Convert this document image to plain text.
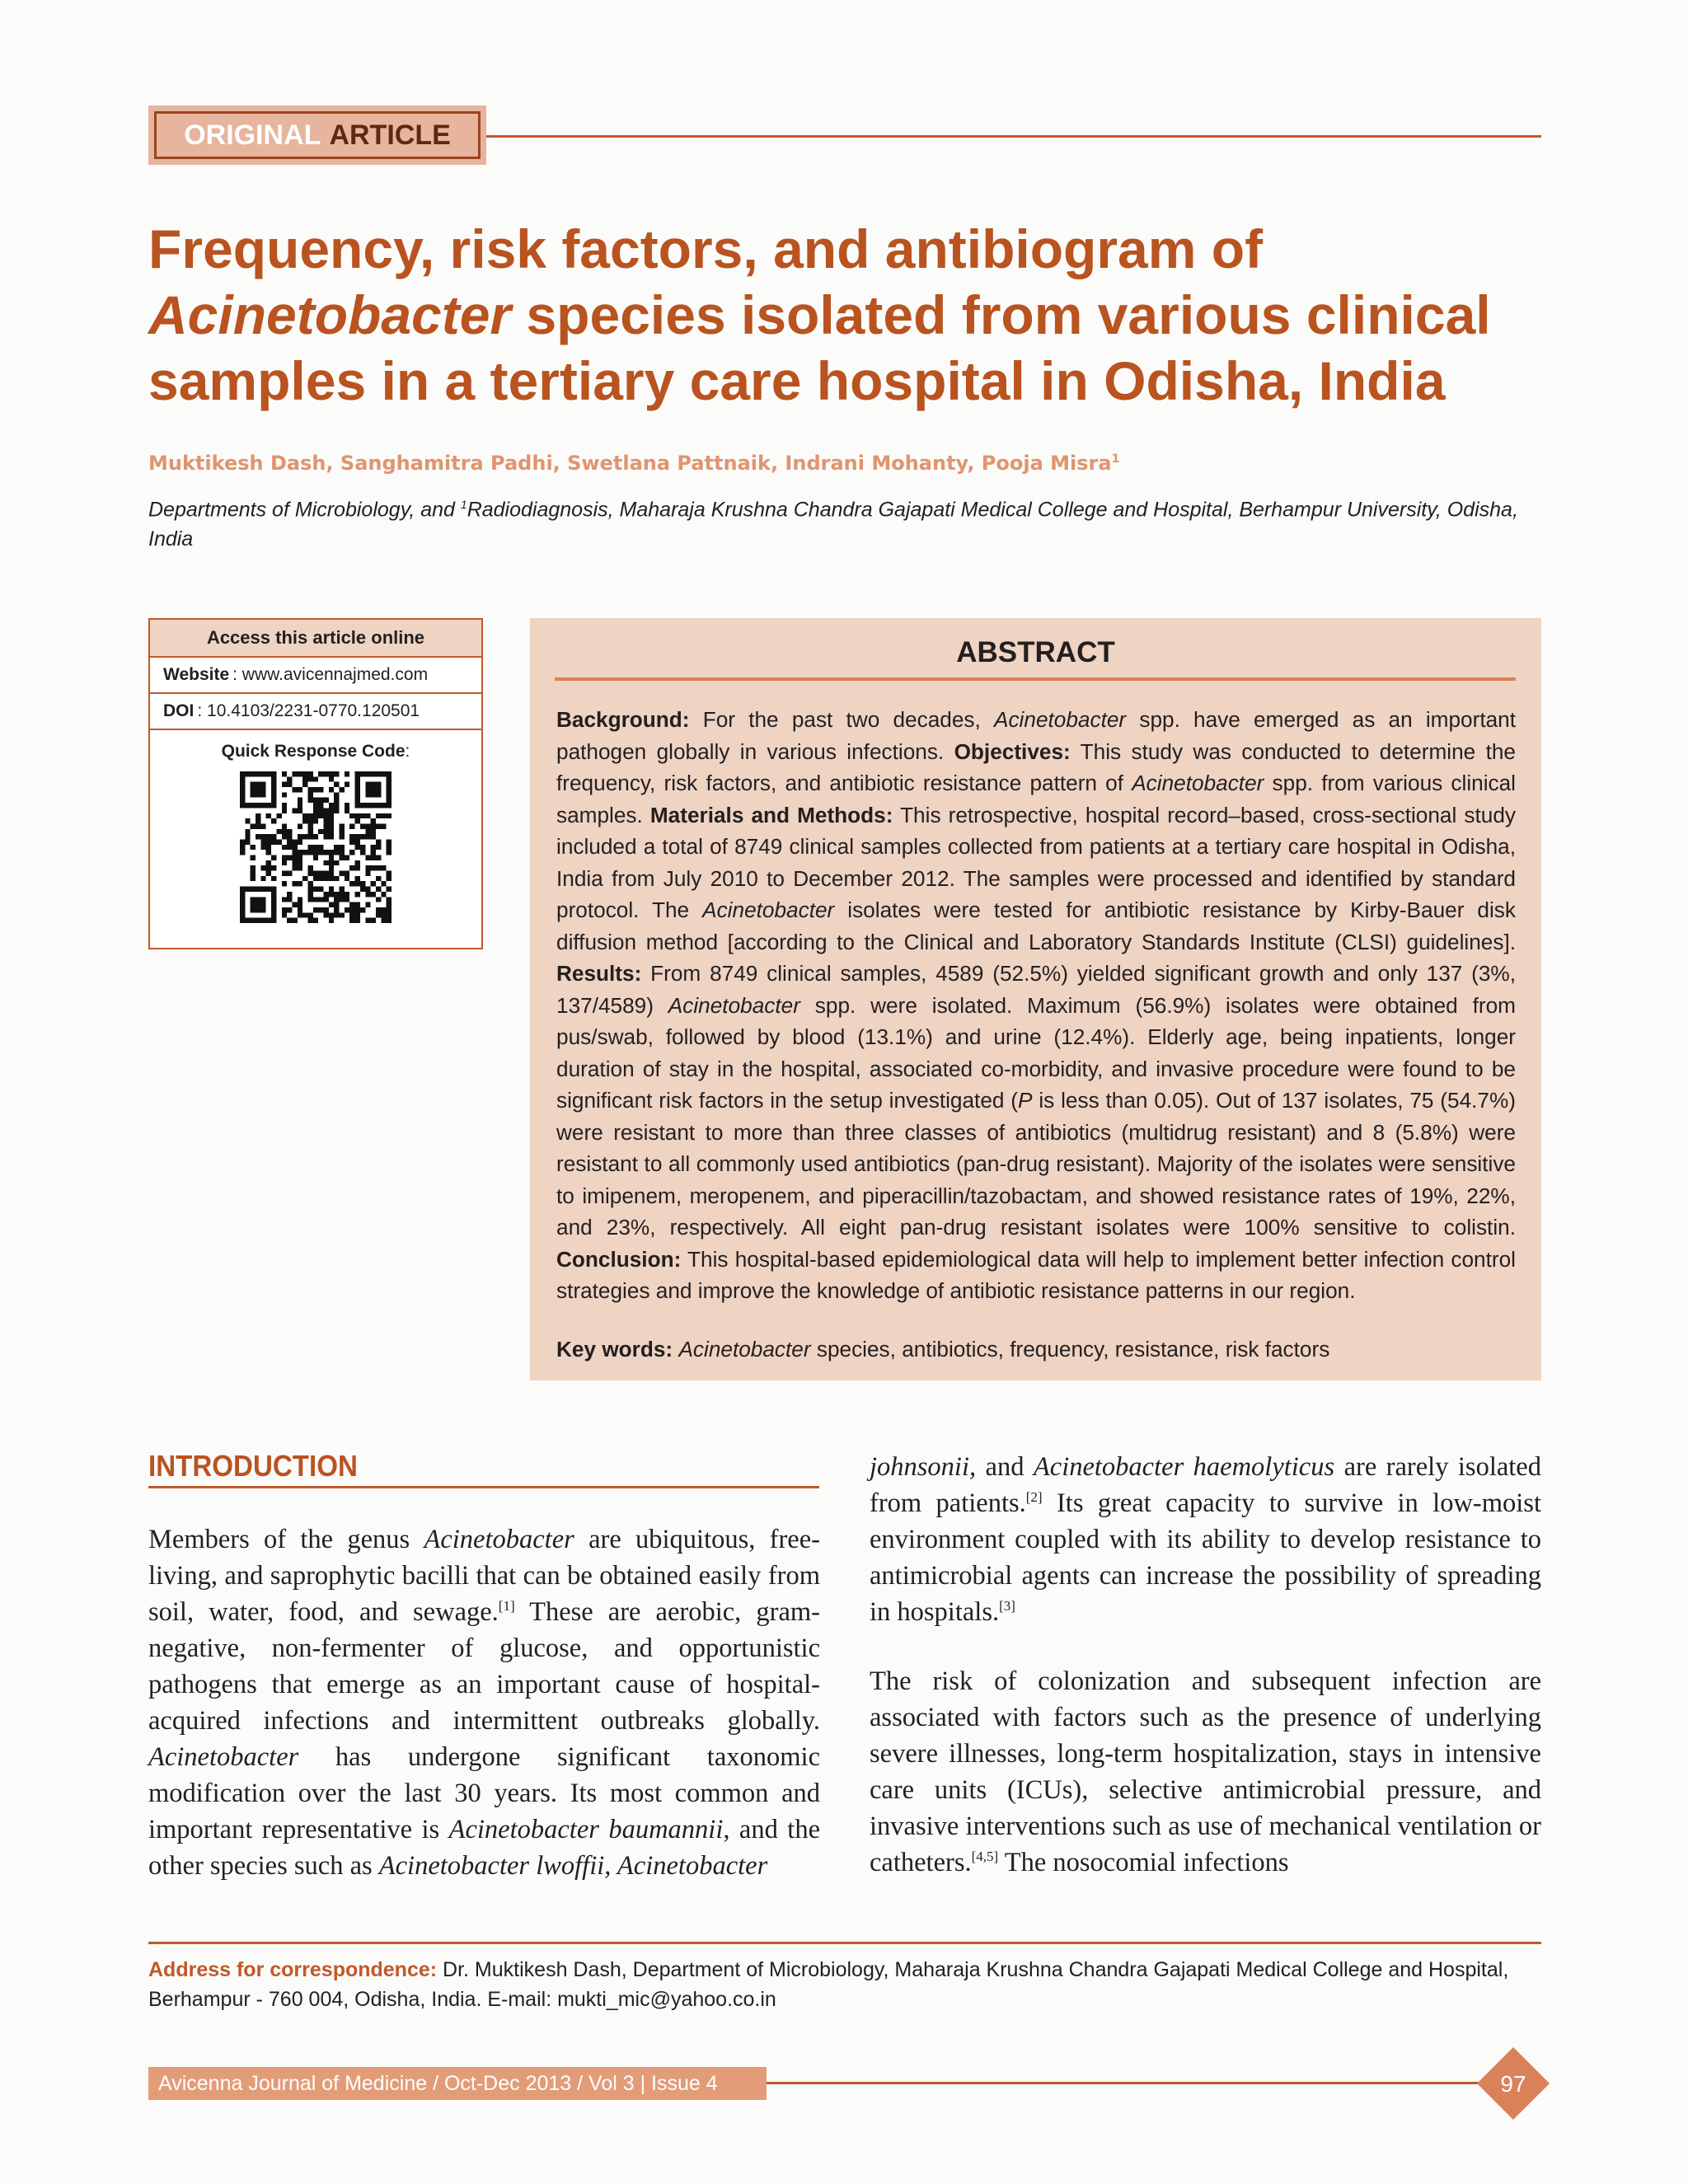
ORIGINAL ARTICLE
Frequency, risk factors, and antibiogram of
Acinetobacter species isolated from various clinical
samples in a tertiary care hospital in Odisha, India
Muktikesh Dash, Sanghamitra Padhi, Swetlana Pattnaik, Indrani Mohanty, Pooja Misra$^1$
Departments of Microbiology, and $^1$Radiodiagnosis, Maharaja Krushna Chandra Gajapati Medical College and Hospital, Berhampur University, Odisha, India
Access this article online
Website : www.avicennajmed.com
DOI : 10.4103/2231-0770.120501
Quick Response Code:
ABSTRACT

Background: For the past two decades, Acinetobacter spp. have emerged as an important pathogen globally in various infections. Objectives: This study was conducted to determine the frequency, risk factors, and antibiotic resistance pattern of Acinetobacter spp. from various clinical samples. Materials and Methods: This retrospective, hospital record–based, cross-sectional study included a total of 8749 clinical samples collected from patients at a tertiary care hospital in Odisha, India from July 2010 to December 2012. The samples were processed and identified by standard protocol. The Acinetobacter isolates were tested for antibiotic resistance by Kirby-Bauer disk diffusion method [according to the Clinical and Laboratory Standards Institute (CLSI) guidelines]. Results: From 8749 clinical samples, 4589 (52.5%) yielded significant growth and only 137 (3%, 137/4589) Acinetobacter spp. were isolated. Maximum (56.9%) isolates were obtained from pus/swab, followed by blood (13.1%) and urine (12.4%). Elderly age, being inpatients, longer duration of stay in the hospital, associated co-morbidity, and invasive procedure were found to be significant risk factors in the setup investigated (P is less than 0.05). Out of 137 isolates, 75 (54.7%) were resistant to more than three classes of antibiotics (multidrug resistant) and 8 (5.8%) were resistant to all commonly used antibiotics (pan-drug resistant). Majority of the isolates were sensitive to imipenem, meropenem, and piperacillin/tazobactam, and showed resistance rates of 19%, 22%, and 23%, respectively. All eight pan-drug resistant isolates were 100% sensitive to colistin. Conclusion: This hospital-based epidemiological data will help to implement better infection control strategies and improve the knowledge of antibiotic resistance patterns in our region.

Key words: Acinetobacter species, antibiotics, frequency, resistance, risk factors

INTRODUCTION

Members of the genus Acinetobacter are ubiquitous, free-living, and saprophytic bacilli that can be obtained easily from soil, water, food, and sewage.[1] These are aerobic, gram-negative, non-fermenter of glucose, and opportunistic pathogens that emerge as an important cause of hospital-acquired infections and intermittent outbreaks globally. Acinetobacter has undergone significant taxonomic modification over the last 30 years. Its most common and important representative is Acinetobacter baumannii, and the other species such as Acinetobacter lwoffii, Acinetobacter

johnsonii, and Acinetobacter haemolyticus are rarely isolated from patients.[2] Its great capacity to survive in low-moist environment coupled with its ability to develop resistance to antimicrobial agents can increase the possibility of spreading in hospitals.[3]

The risk of colonization and subsequent infection are associated with factors such as the presence of underlying severe illnesses, long-term hospitalization, stays in intensive care units (ICUs), selective antimicrobial pressure, and invasive interventions such as use of mechanical ventilation or catheters.[4,5] The nosocomial infections

Address for correspondence: Dr. Muktikesh Dash, Department of Microbiology, Maharaja Krushna Chandra Gajapati Medical College and Hospital, Berhampur - 760 004, Odisha, India. E-mail: mukti_mic@yahoo.co.in

Avicenna Journal of Medicine / Oct-Dec 2013 / Vol 3 | Issue 4	97
